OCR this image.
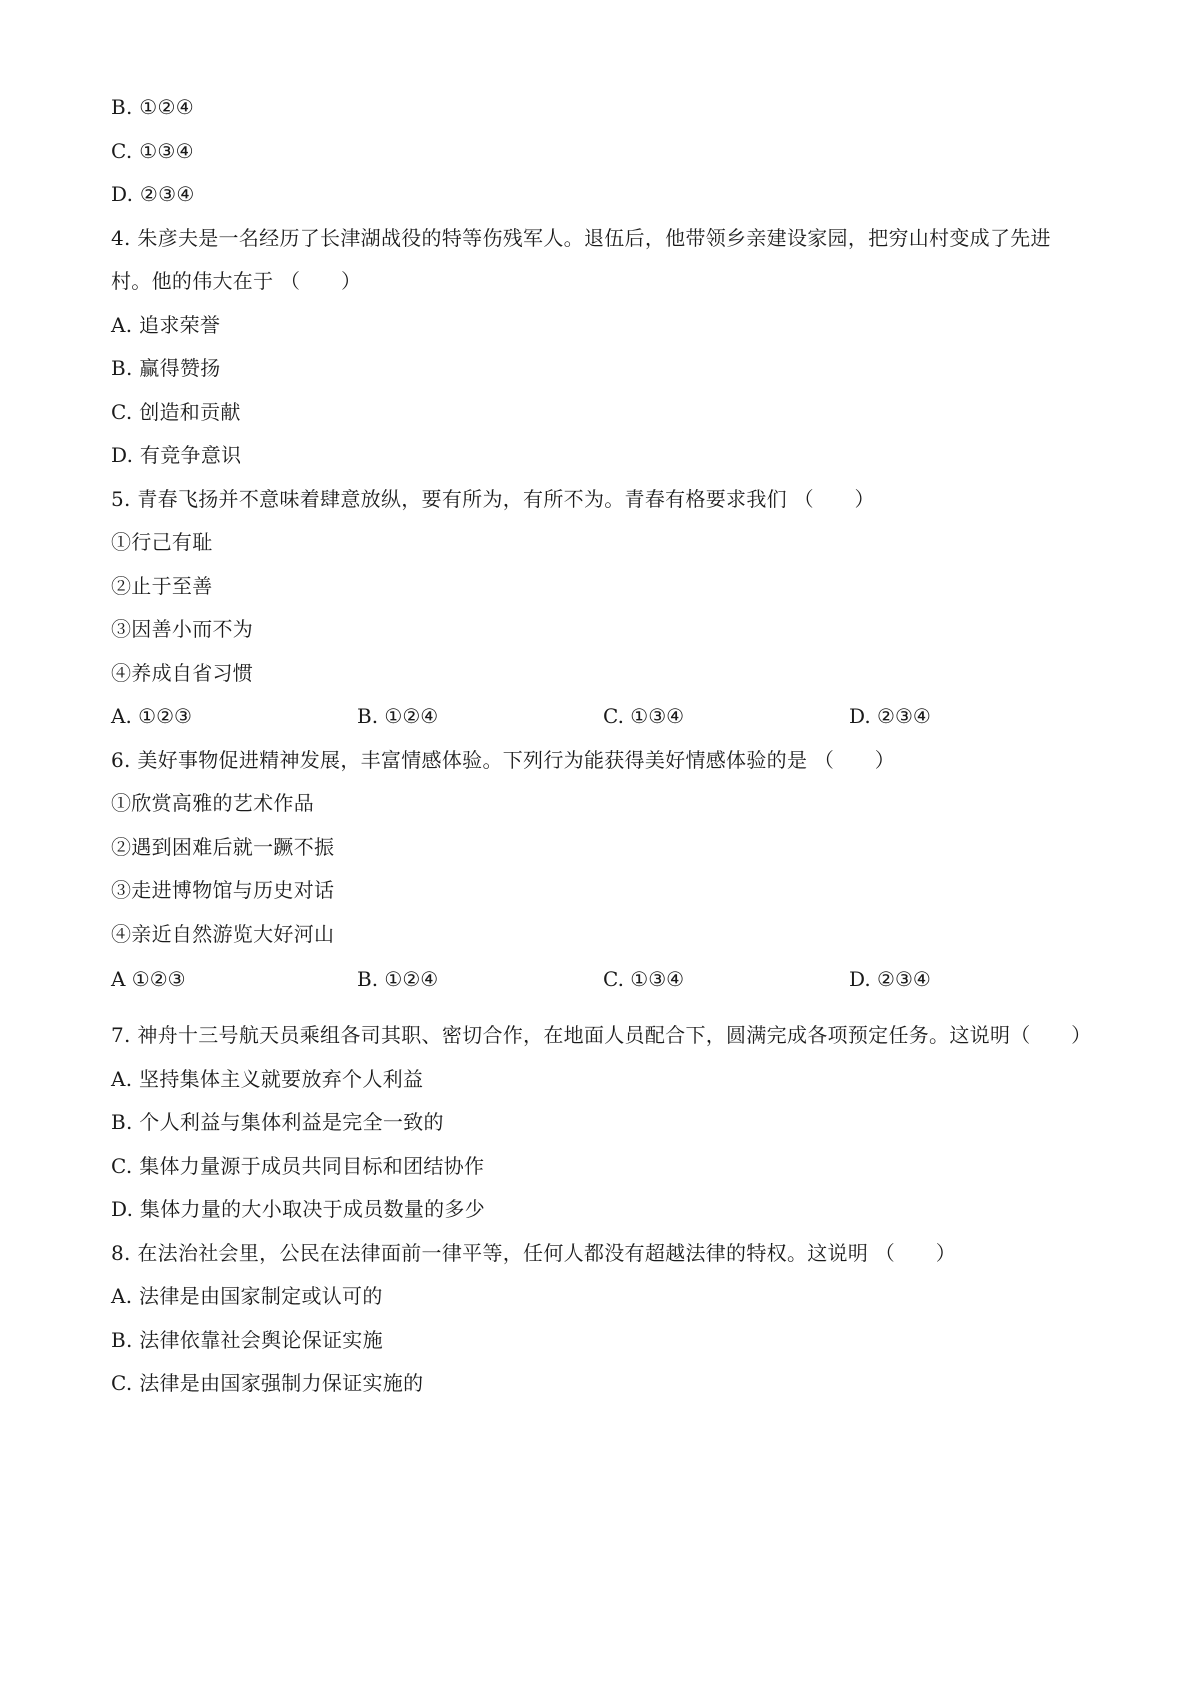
B. ①②④
C. ①③④
D. ②③④
4. 朱彦夫是一名经历了长津湖战役的特等伤残军人。退伍后，他带领乡亲建设家园，把穷山村变成了先进
村。他的伟大在于 （　　）
A. 追求荣誉
B. 赢得赞扬
C. 创造和贡献
D. 有竞争意识
5. 青春飞扬并不意味着肆意放纵，要有所为，有所不为。青春有格要求我们 （　　）
①行己有耻
②止于至善
③因善小而不为
④养成自省习惯
A. ①②③	B. ①②④	C. ①③④	D. ②③④
6. 美好事物促进精神发展，丰富情感体验。下列行为能获得美好情感体验的是 （　　）
①欣赏高雅的艺术作品
②遇到困难后就一蹶不振
③走进博物馆与历史对话
④亲近自然游览大好河山
A ①②③	B. ①②④	C. ①③④	D. ②③④
7. 神舟十三号航天员乘组各司其职、密切合作，在地面人员配合下，圆满完成各项预定任务。这说明（　　）
A. 坚持集体主义就要放弃个人利益
B. 个人利益与集体利益是完全一致的
C. 集体力量源于成员共同目标和团结协作
D. 集体力量的大小取决于成员数量的多少
8. 在法治社会里，公民在法律面前一律平等，任何人都没有超越法律的特权。这说明 （　　）
A. 法律是由国家制定或认可的
B. 法律依靠社会舆论保证实施
C. 法律是由国家强制力保证实施的
